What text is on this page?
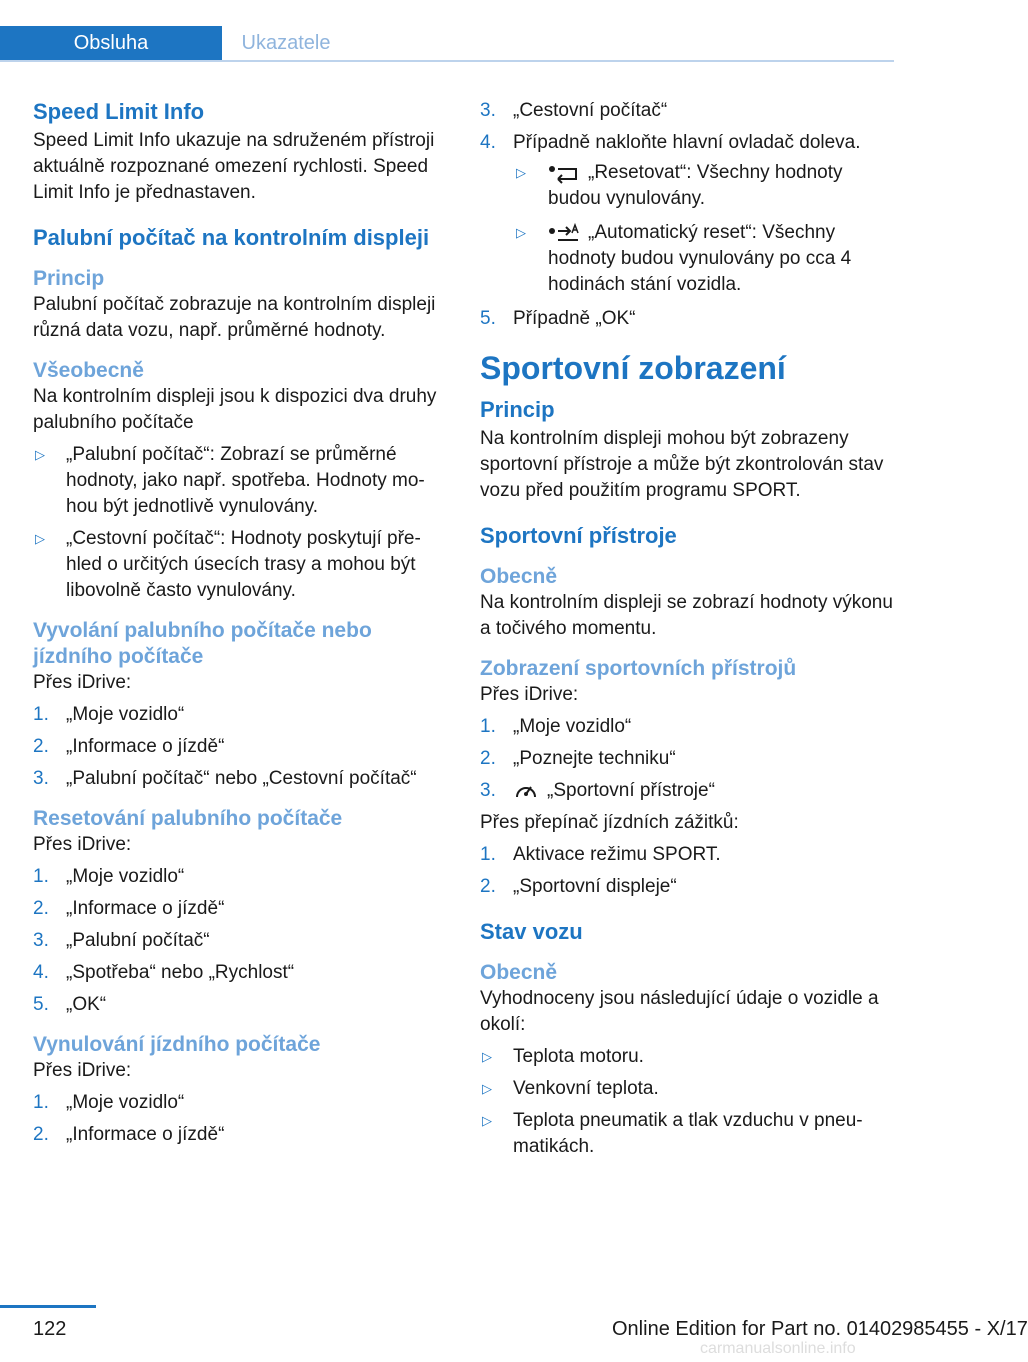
Obsluha	Ukazatele
Speed Limit Info

Speed Limit Info ukazuje na sdruženém přístroji aktuálně rozpoznané omezení rychlosti. Speed Limit Info je přednastaven.

Palubní počítač na kontrolním displeji
Princip

Palubní počítač zobrazuje na kontrolním displeji různá data vozu, např. průměrné hodnoty.

Všeobecně

Na kontrolním displeji jsou k dispozici dva druhy palubního počítače

▷ „Palubní počítač“: Zobrazí se průměrné hodnoty, jako např. spotřeba. Hodnoty mohou být jednotlivě vynulovány.
▷ „Cestovní počítač“: Hodnoty poskytují přehled o určitých úsecích trasy a mohou být libovolně často vynulovány.
Vyvolání palubního počítače nebo jízdního počítače

Přes iDrive:

1. „Moje vozidlo“
2. „Informace o jízdě“
3. „Palubní počítač“ nebo „Cestovní počítač“
Resetování palubního počítače

Přes iDrive:

1. „Moje vozidlo“
2. „Informace o jízdě“
3. „Palubní počítač“
4. „Spotřeba“ nebo „Rychlost“
5. „OK“
Vynulování jízdního počítače

Přes iDrive:

1. „Moje vozidlo“
2. „Informace o jízdě“
3. „Cestovní počítač“
4. Případně nakloňte hlavní ovladač doleva.
▷	„Resetovat“: Všechny hodnoty budou vynulovány.
▷	„Automatický reset“: Všechny hodnoty budou vynulovány po cca 4 hodinách stání vozidla.
5. Případně „OK“
Sportovní zobrazení
Princip

Na kontrolním displeji mohou být zobrazeny sportovní přístroje a může být zkontrolován stav vozu před použitím programu SPORT.

Sportovní přístroje
Obecně

Na kontrolním displeji se zobrazí hodnoty výkonu a točivého momentu.

Zobrazení sportovních přístrojů

Přes iDrive:

1. „Moje vozidlo“
2. „Poznejte techniku“
3.	„Sportovní přístroje“

Přes přepínač jízdních zážitků:

1. Aktivace režimu SPORT.
2. „Sportovní displeje“
Stav vozu
Obecně

Vyhodnoceny jsou následující údaje o vozidle a okolí:

▷ Teplota motoru.
▷ Venkovní teplota.
▷ Teplota pneumatik a tlak vzduchu v pneumatikách.
122	Online Edition for Part no. 01402985455 - X/17
carmanualsonline.info
